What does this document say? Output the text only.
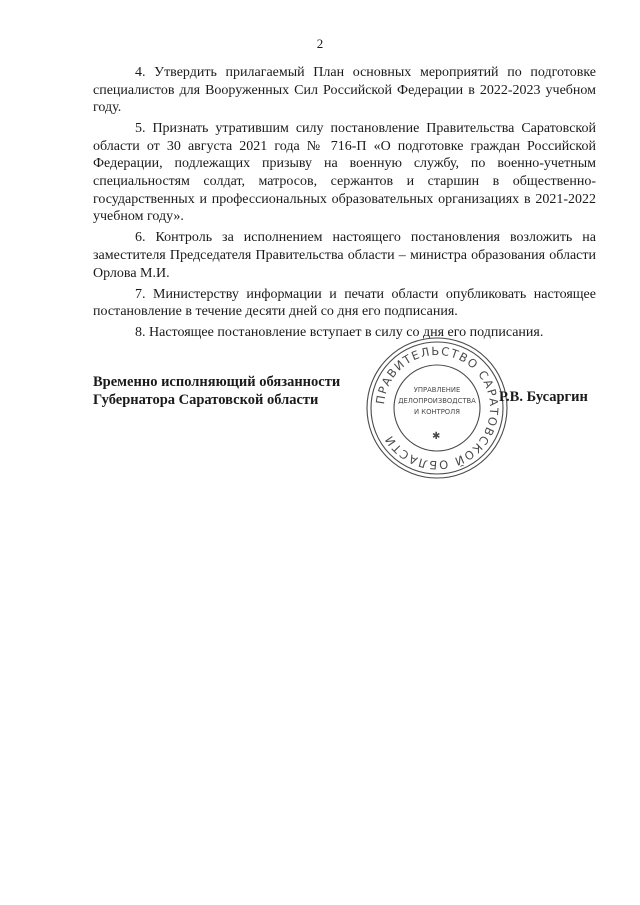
2

4. Утвердить прилагаемый План основных мероприятий по подготовке специалистов для Вооруженных Сил Российской Федерации в 2022-2023 учебном году.

5. Признать утратившим силу постановление Правительства Саратовской области от 30 августа 2021 года № 716-П «О подготовке граждан Российской Федерации, подлежащих призыву на военную службу, по военно-учетным специальностям солдат, матросов, сержантов и старшин в общественно-государственных и профессиональных образовательных организациях в 2021-2022 учебном году».

6. Контроль за исполнением настоящего постановления возложить на заместителя Председателя Правительства области – министра образования области Орлова М.И.

7. Министерству информации и печати области опубликовать настоящее постановление в течение десяти дней со дня его подписания.

8. Настоящее постановление вступает в силу со дня его подписания.

Временно исполняющий обязанности
Губернатора Саратовской области	ПРАВИТЕЛЬСТВО САРАТОВСКОЙ ОБЛАСТИ
УПРАВЛЕНИЕ
ДЕЛОПРОИЗВОДСТВА
И КОНТРОЛЯ
✱
Р.В. Бусаргин
